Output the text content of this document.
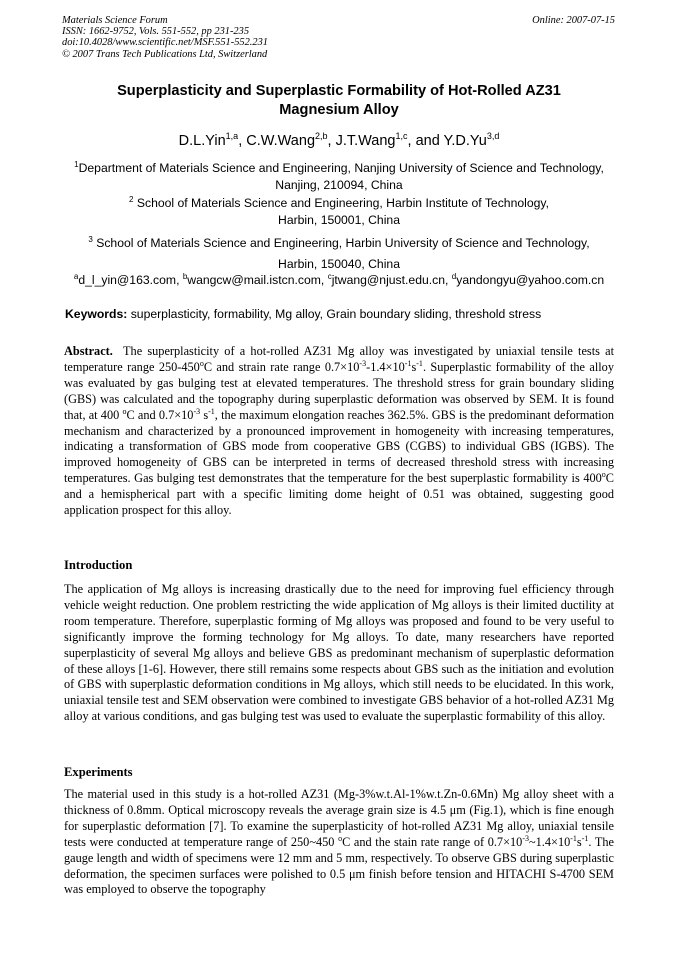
Materials Science Forum
ISSN: 1662-9752, Vols. 551-552, pp 231-235
doi:10.4028/www.scientific.net/MSF.551-552.231
© 2007 Trans Tech Publications Ltd, Switzerland
Online: 2007-07-15
Superplasticity and Superplastic Formability of Hot-Rolled AZ31
Magnesium Alloy
D.L.Yin$^{1,a}$, C.W.Wang$^{2,b}$, J.T.Wang$^{1,c}$, and Y.D.Yu$^{3,d}$
$^1$Department of Materials Science and Engineering, Nanjing University of Science and Technology,
Nanjing, 210094, China
$^2$ School of Materials Science and Engineering, Harbin Institute of Technology,
Harbin, 150001, China
$^3$ School of Materials Science and Engineering, Harbin University of Science and Technology,
Harbin, 150040, China
$^a$d_l_yin@163.com, $^b$wangcw@mail.istcn.com, $^c$jtwang@njust.edu.cn, $^d$yandongyu@yahoo.com.cn
Keywords: superplasticity, formability, Mg alloy, Grain boundary sliding, threshold stress
Abstract. The superplasticity of a hot-rolled AZ31 Mg alloy was investigated by uniaxial tensile tests at temperature range 250-450$^o$C and strain rate range $0.7\times 10^{-3}-1.4\times 10^{-1}s^{-1}$. Superplastic formability of the alloy was evaluated by gas bulging test at elevated temperatures. The threshold stress for grain boundary sliding (GBS) was calculated and the topography during superplastic deformation was observed by SEM. It is found that, at 400 $^o$C and $0.7\times 10^{-3}$ $s^{-1}$, the maximum elongation reaches 362.5%. GBS is the predominant deformation mechanism and characterized by a pronounced improvement in homogeneity with increasing temperatures, indicating a transformation of GBS mode from cooperative GBS (CGBS) to individual GBS (IGBS). The improved homogeneity of GBS can be interpreted in terms of decreased threshold stress with increasing temperatures. Gas bulging test demonstrates that the temperature for the best superplastic formability is 400$^o$C and a hemispherical part with a specific limiting dome height of 0.51 was obtained, suggesting good application prospect for this alloy.
Introduction
The application of Mg alloys is increasing drastically due to the need for improving fuel efficiency through vehicle weight reduction. One problem restricting the wide application of Mg alloys is their limited ductility at room temperature. Therefore, superplastic forming of Mg alloys was proposed and found to be very useful to significantly improve the forming technology for Mg alloys. To date, many researchers have reported superplasticity of several Mg alloys and believe GBS as predominant mechanism of superplastic deformation of these alloys [1-6]. However, there still remains some respects about GBS such as the initiation and evolution of GBS with superplastic deformation conditions in Mg alloys, which still needs to be elucidated. In this work, uniaxial tensile test and SEM observation were combined to investigate GBS behavior of a hot-rolled AZ31 Mg alloy at various conditions, and gas bulging test was used to evaluate the superplastic formability of this alloy.
Experiments
The material used in this study is a hot-rolled AZ31 (Mg-3%w.t.Al-1%w.t.Zn-0.6Mn) Mg alloy sheet with a thickness of 0.8mm. Optical microscopy reveals the average grain size is 4.5 μm (Fig.1), which is fine enough for superplastic deformation [7]. To examine the superplasticity of hot-rolled AZ31 Mg alloy, uniaxial tensile tests were conducted at temperature range of 250~450 $^o$C and the stain rate range of $0.7\times 10^{-3}\sim 1.4\times 10^{-1}s^{-1}$. The gauge length and width of specimens were 12 mm and 5 mm, respectively. To observe GBS during superplastic deformation, the specimen surfaces were polished to 0.5 μm finish before tension and HITACHI S-4700 SEM was employed to observe the topography
